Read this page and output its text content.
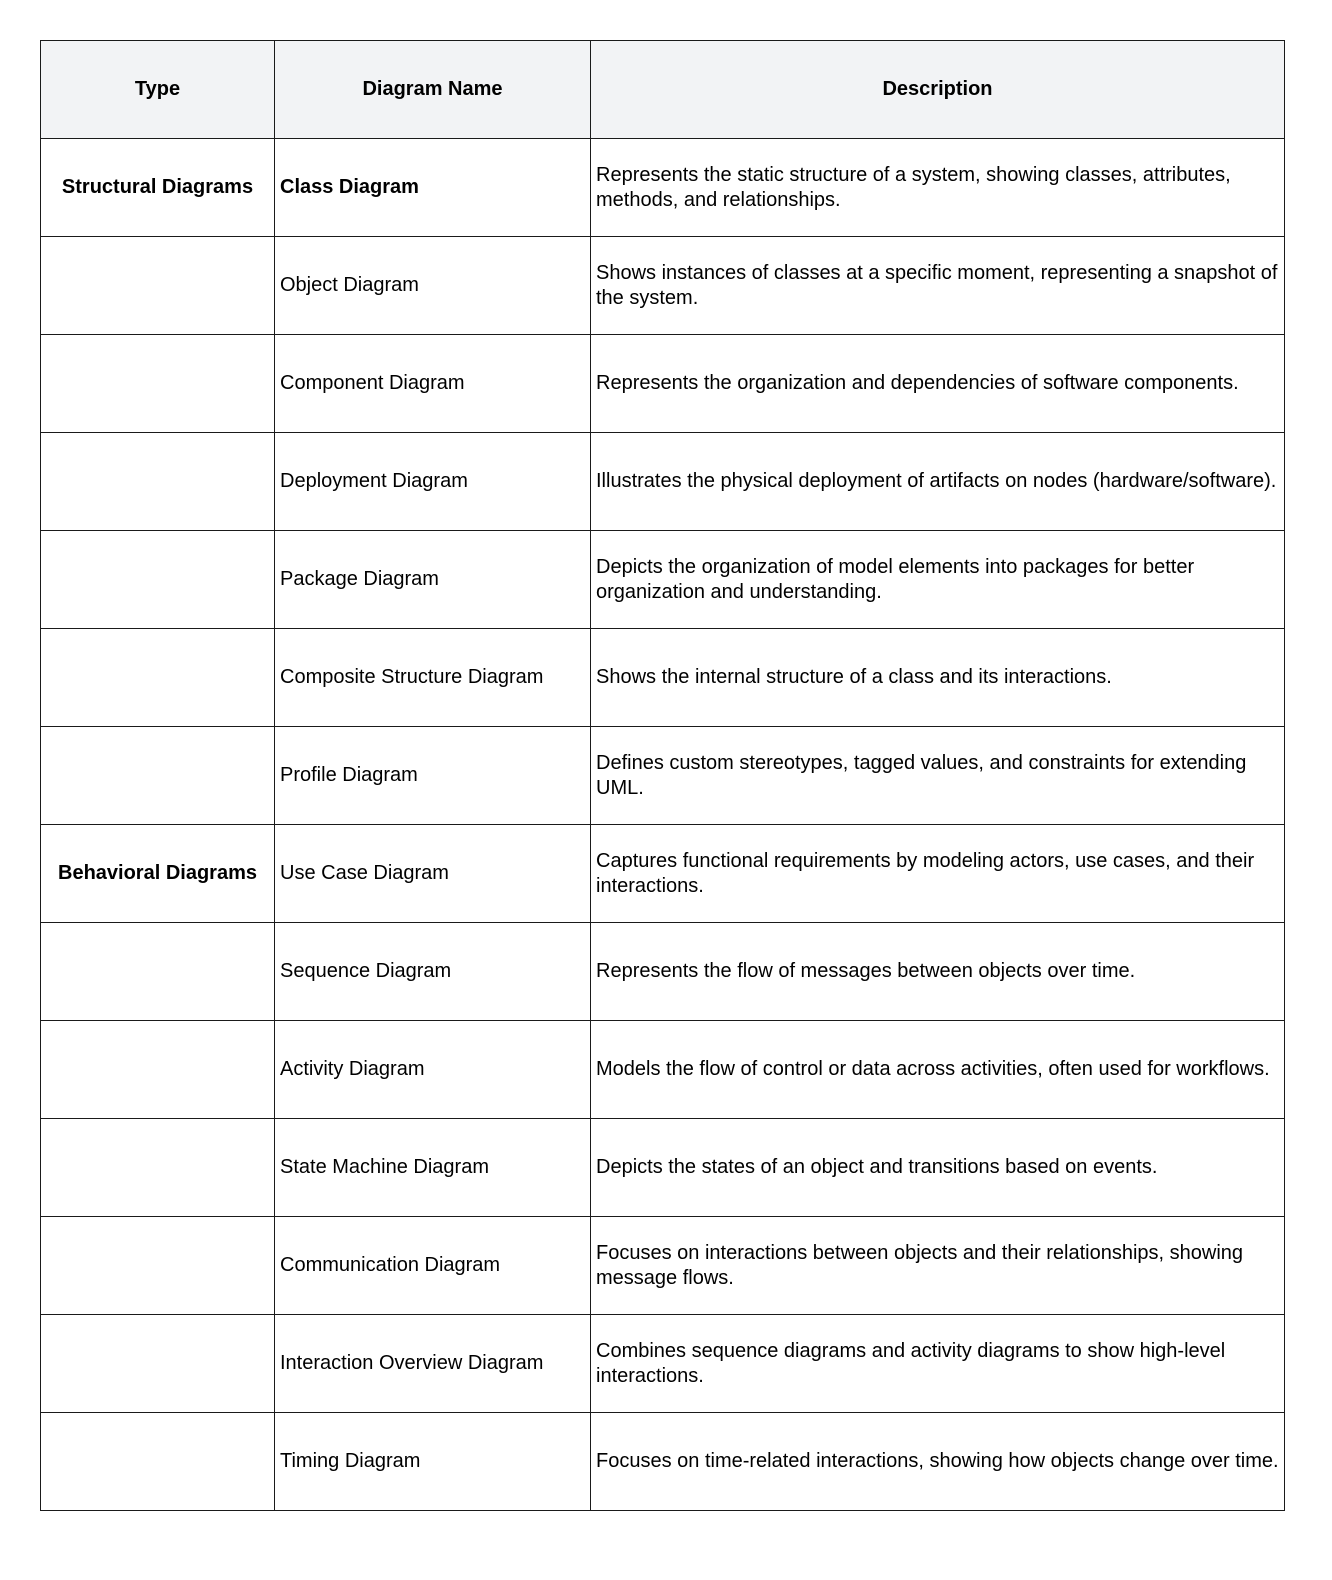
Type	Diagram Name	Description
Structural Diagrams	Class Diagram	Represents the static structure of a system, showing classes, attributes, methods, and relationships.
	Object Diagram	Shows instances of classes at a specific moment, representing a snapshot of the system.
	Component Diagram	Represents the organization and dependencies of software components.
	Deployment Diagram	Illustrates the physical deployment of artifacts on nodes (hardware/software).
	Package Diagram	Depicts the organization of model elements into packages for better organization and understanding.
	Composite Structure Diagram	Shows the internal structure of a class and its interactions.
	Profile Diagram	Defines custom stereotypes, tagged values, and constraints for extending UML.
Behavioral Diagrams	Use Case Diagram	Captures functional requirements by modeling actors, use cases, and their interactions.
	Sequence Diagram	Represents the flow of messages between objects over time.
	Activity Diagram	Models the flow of control or data across activities, often used for workflows.
	State Machine Diagram	Depicts the states of an object and transitions based on events.
	Communication Diagram	Focuses on interactions between objects and their relationships, showing message flows.
	Interaction Overview Diagram	Combines sequence diagrams and activity diagrams to show high-level interactions.
	Timing Diagram	Focuses on time-related interactions, showing how objects change over time.
